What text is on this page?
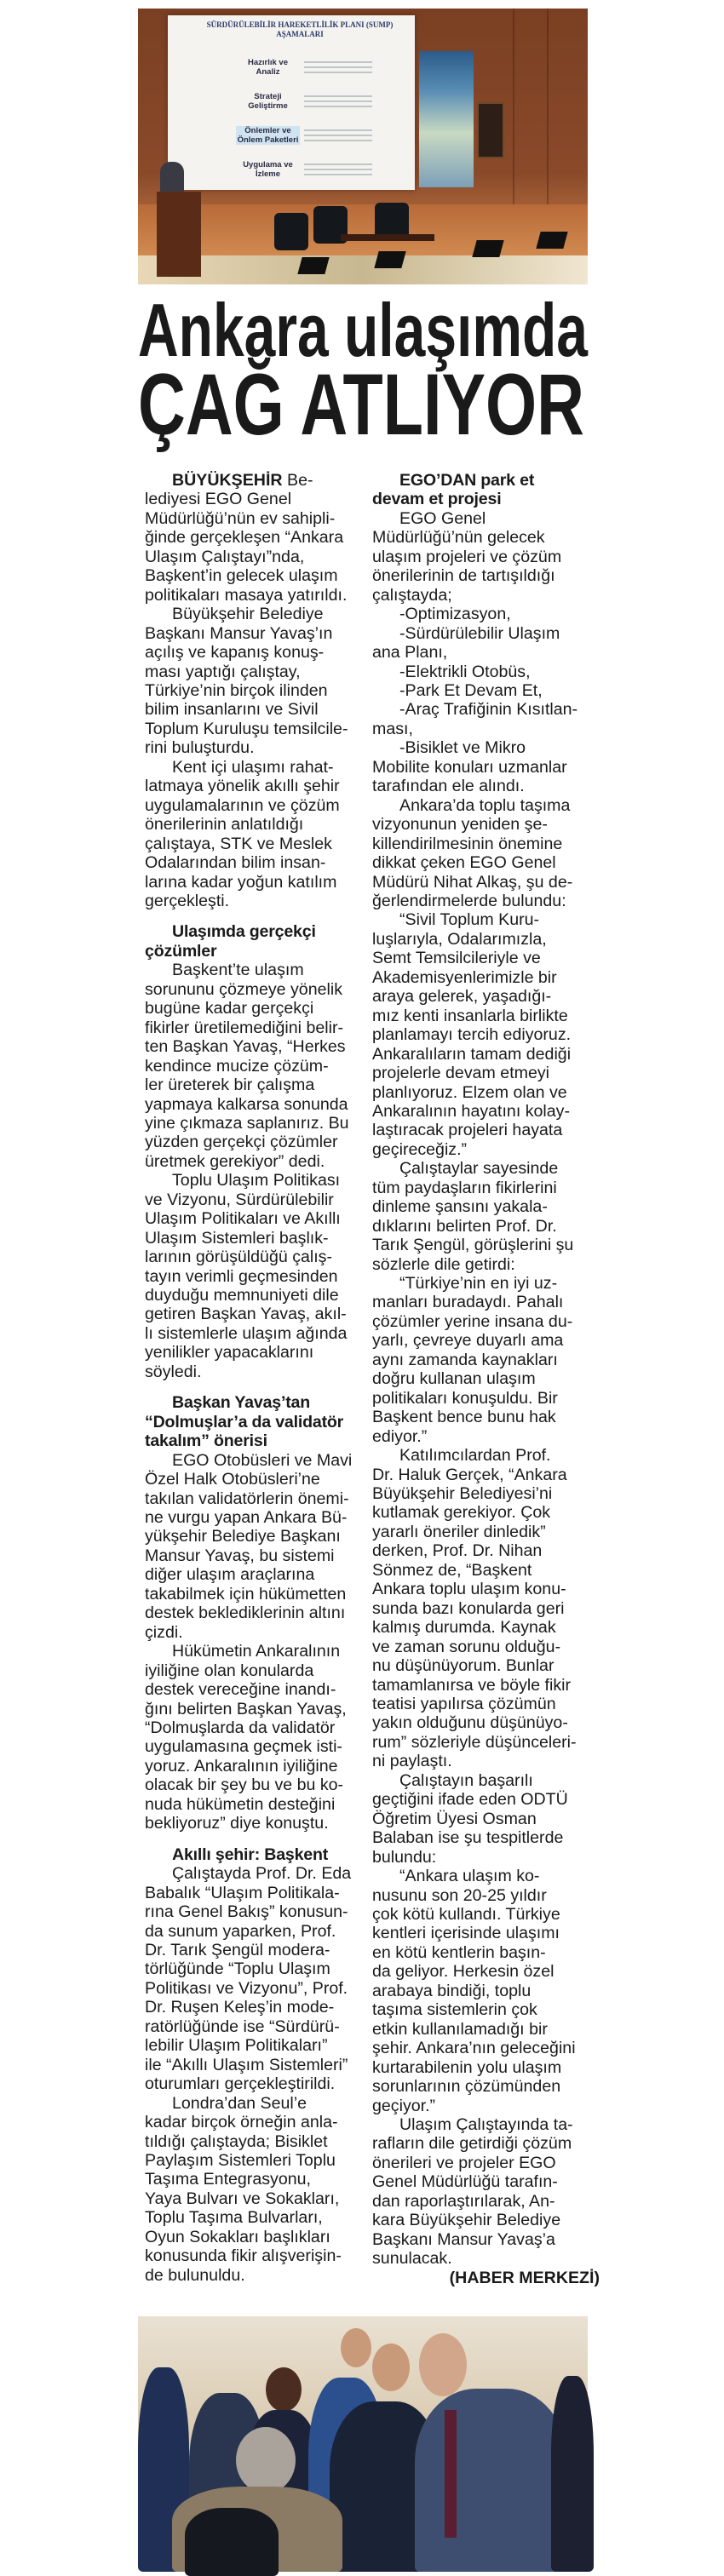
SÜRDÜRÜLEBİLİR HAREKETLİLİK PLANI (SUMP) AŞAMALARI
Hazırlık ve Analiz
Strateji Geliştirme
Önlemler ve Önlem Paketleri
Uygulama ve İzleme
Ankara ulaşımda
ÇAĞ ATLIYOR

BÜYÜKŞEHİR Be-
lediyesi EGO Genel
Müdürlüğü’nün ev sahipli-
ğinde gerçekleşen “Ankara
Ulaşım Çalıştayı”nda,
Başkent’in gelecek ulaşım
politikaları masaya yatırıldı.

Büyükşehir Belediye
Başkanı Mansur Yavaş’ın
açılış ve kapanış konuş-
ması yaptığı çalıştay,
Türkiye’nin birçok ilinden
bilim insanlarını ve Sivil
Toplum Kuruluşu temsilcile-
rini buluşturdu.

Kent içi ulaşımı rahat-
latmaya yönelik akıllı şehir
uygulamalarının ve çözüm
önerilerinin anlatıldığı
çalıştaya, STK ve Meslek
Odalarından bilim insan-
larına kadar yoğun katılım
gerçekleşti.

Ulaşımda gerçekçi
çözümler

Başkent’te ulaşım
sorununu çözmeye yönelik
bugüne kadar gerçekçi
fikirler üretilemediğini belir-
ten Başkan Yavaş, “Herkes
kendince mucize çözüm-
ler üreterek bir çalışma
yapmaya kalkarsa sonunda
yine çıkmaza saplanırız. Bu
yüzden gerçekçi çözümler
üretmek gerekiyor” dedi.

Toplu Ulaşım Politikası
ve Vizyonu, Sürdürülebilir
Ulaşım Politikaları ve Akıllı
Ulaşım Sistemleri başlık-
larının görüşüldüğü çalış-
tayın verimli geçmesinden
duyduğu memnuniyeti dile
getiren Başkan Yavaş, akıl-
lı sistemlerle ulaşım ağında
yenilikler yapacaklarını
söyledi.

Başkan Yavaş’tan
“Dolmuşlar’a da validatör
takalım” önerisi

EGO Otobüsleri ve Mavi
Özel Halk Otobüsleri’ne
takılan validatörlerin önemi-
ne vurgu yapan Ankara Bü-
yükşehir Belediye Başkanı
Mansur Yavaş, bu sistemi
diğer ulaşım araçlarına
takabilmek için hükümetten
destek beklediklerinin altını
çizdi.

Hükümetin Ankaralının
iyiliğine olan konularda
destek vereceğine inandı-
ğını belirten Başkan Yavaş,
“Dolmuşlarda da validatör
uygulamasına geçmek isti-
yoruz. Ankaralının iyiliğine
olacak bir şey bu ve bu ko-
nuda hükümetin desteğini
bekliyoruz” diye konuştu.

Akıllı şehir: Başkent

Çalıştayda Prof. Dr. Eda
Babalık “Ulaşım Politikala-
rına Genel Bakış” konusun-
da sunum yaparken, Prof.
Dr. Tarık Şengül modera-
törlüğünde “Toplu Ulaşım
Politikası ve Vizyonu”, Prof.
Dr. Ruşen Keleş’in mode-
ratörlüğünde ise “Sürdürü-
lebilir Ulaşım Politikaları”
ile “Akıllı Ulaşım Sistemleri”
oturumları gerçekleştirildi.

Londra’dan Seul’e
kadar birçok örneğin anla-
tıldığı çalıştayda; Bisiklet
Paylaşım Sistemleri Toplu
Taşıma Entegrasyonu,
Yaya Bulvarı ve Sokakları,
Toplu Taşıma Bulvarları,
Oyun Sokakları başlıkları
konusunda fikir alışverişin-
de bulunuldu.

EGO’DAN park et
devam et projesi

EGO Genel
Müdürlüğü’nün gelecek
ulaşım projeleri ve çözüm
önerilerinin de tartışıldığı
çalıştayda;

-Optimizasyon,

-Sürdürülebilir Ulaşım
ana Planı,

-Elektrikli Otobüs,

-Park Et Devam Et,

-Araç Trafiğinin Kısıtlan-
ması,

-Bisiklet ve Mikro
Mobilite konuları uzmanlar
tarafından ele alındı.

Ankara’da toplu taşıma
vizyonunun yeniden şe-
killendirilmesinin önemine
dikkat çeken EGO Genel
Müdürü Nihat Alkaş, şu de-
ğerlendirmelerde bulundu:

“Sivil Toplum Kuru-
luşlarıyla, Odalarımızla,
Semt Temsilcileriyle ve
Akademisyenlerimizle bir
araya gelerek, yaşadığı-
mız kenti insanlarla birlikte
planlamayı tercih ediyoruz.
Ankaralıların tamam dediği
projelerle devam etmeyi
planlıyoruz. Elzem olan ve
Ankaralının hayatını kolay-
laştıracak projeleri hayata
geçireceğiz.”

Çalıştaylar sayesinde
tüm paydaşların fikirlerini
dinleme şansını yakala-
dıklarını belirten Prof. Dr.
Tarık Şengül, görüşlerini şu
sözlerle dile getirdi:

“Türkiye’nin en iyi uz-
manları buradaydı. Pahalı
çözümler yerine insana du-
yarlı, çevreye duyarlı ama
aynı zamanda kaynakları
doğru kullanan ulaşım
politikaları konuşuldu. Bir
Başkent bence bunu hak
ediyor.”

Katılımcılardan Prof.
Dr. Haluk Gerçek, “Ankara
Büyükşehir Belediyesi’ni
kutlamak gerekiyor. Çok
yararlı öneriler dinledik”
derken, Prof. Dr. Nihan
Sönmez de, “Başkent
Ankara toplu ulaşım konu-
sunda bazı konularda geri
kalmış durumda. Kaynak
ve zaman sorunu olduğu-
nu düşünüyorum. Bunlar
tamamlanırsa ve böyle fikir
teatisi yapılırsa çözümün
yakın olduğunu düşünüyo-
rum” sözleriyle düşünceleri-
ni paylaştı.

Çalıştayın başarılı
geçtiğini ifade eden ODTÜ
Öğretim Üyesi Osman
Balaban ise şu tespitlerde
bulundu:

“Ankara ulaşım ko-
nusunu son 20-25 yıldır
çok kötü kullandı. Türkiye
kentleri içerisinde ulaşımı
en kötü kentlerin başın-
da geliyor. Herkesin özel
arabaya bindiği, toplu
taşıma sistemlerin çok
etkin kullanılamadığı bir
şehir. Ankara’nın geleceğini
kurtarabilenin yolu ulaşım
sorunlarının çözümünden
geçiyor.”

Ulaşım Çalıştayında ta-
rafların dile getirdiği çözüm
önerileri ve projeler EGO
Genel Müdürlüğü tarafın-
dan raporlaştırılarak, An-
kara Büyükşehir Belediye
Başkanı Mansur Yavaş’a
sunulacak.

(HABER MERKEZİ)
